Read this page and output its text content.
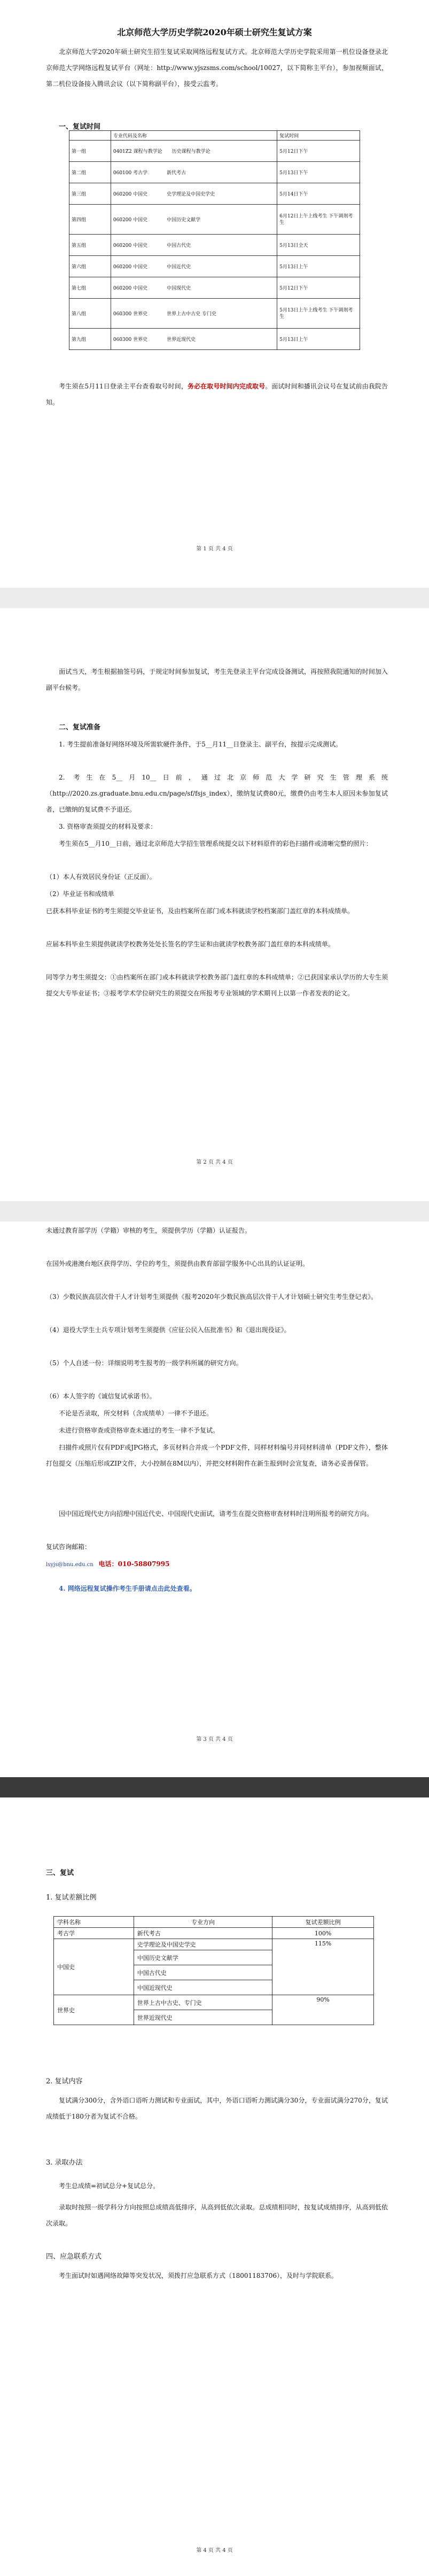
北京师范大学历史学院2020年硕士研究生复试方案
北京师范大学2020年硕士研究生招生复试采取网络远程复试方式。北京师范大学历史学院采用第一机位设备登录北京师范大学网络远程复试平台（网址：http://www.yjszsms.com/school/10027，以下简称主平台），参加视频面试，第二机位设备接入腾讯会议（以下简称副平台），接受云监考。
一、复试时间
	专业代码及名称	复试时间
第一组	0401Z2 课程与教学论　　历史课程与教学论	5月12日下午
第二组	060100 考古学　　　　新代考古	5月13日下午
第三组	060200 中国史　　　　史学理论及中国史学史	5月14日下午
第四组	060200 中国史　　　　中国历史文献学	6月12日上午上线考生 下午调剂考生
第五组	060200 中国史　　　　中国古代史	5月13日全天
第六组	060200 中国史　　　　中国近代史	5月13日上午
第七组	060200 中国史　　　　中国现代史	5月12日下午
第八组	060300 世界史　　　　世界上古中古史 专门史	5月13日上午上线考生 下午调剂考生
第九组	060300 世界史　　　　世界近现代史	5月13日上午
考生须在5月11日登录主平台查看取号时间，务必在取号时间内完成取号。面试时间和播讯会议号在复试前由我院告知。
第 1 页 共 4 页
面试当天，考生根据抽签号码，于规定时间参加复试，考生先登录主平台完成设备测试，再按照我院通知的时间加入副平台候考。
二、复试准备
1. 考生提前准备好网络环境及所需软硬件条件，于5__月11__日登录主、副平台，按提示完成测试。
2. 考生在5__月10__日前，通过北京师范大学研究生管理系统（http://2020.zs.graduate.bnu.edu.cn/page/sf/fsjs_index），缴纳复试费80元，缴费仍由考生本人原因未参加复试者，已缴纳的复试费不予退还。
3. 资格审查须提交的材料及要求：
考生须在5__月10__日前，通过北京师范大学招生管理系统提交以下材料原件的彩色扫描件或清晰完整的照片：
（1）本人有效居民身份证（正反面）。
（2）毕业证书和成绩单
已获本科毕业证书的考生须提交毕业证书，及由档案所在部门或本科就读学校档案部门盖红章的本科成绩单。
应届本科毕业生须提供就读学校教务处处长签名的学生证和由就读学校教务部门盖红章的本科成绩单。
同等学力考生须提交：①由档案所在部门或本科就读学校教务部门盖红章的本科成绩单；②已获国家承认学历的大专生须提交大专毕业证书；③报考学术学位研究生的须提交在所报考专业领域的学术期刊上以第一作者发表的论文。
第 2 页 共 4 页
未通过教育部学历（学籍）审核的考生，须提供学历（学籍）认证报告。
在国外或港澳台地区获得学历、学位的考生，须提供由教育部留学服务中心出具的认证证明。
（3）少数民族高层次骨干人才计划考生须提供《报考2020年少数民族高层次骨干人才计划硕士研究生考生登记表》。
（4）退役大学生士兵专项计划考生须提供《应征公民入伍批准书》和《退出现役证》。
（5）个人自述一份：详细说明考生报考的一级学科所属的研究方向。
（6）本人签字的《诚信复试承诺书》。
不论是否录取，所交材料（含成绩单）一律不予退还。
未进行资格审查或资格审查未通过的考生一律不予复试。
扫描件或照片仅有PDF或JPG格式，多页材料合并成一个PDF文件，同样材料编号并同材料清单（PDF文件），整体打包提交（压缩后形成ZIP文件，大小控制在8M以内），并把交材料附件在新生报到时会宣复查，请务必妥善保管。
因中国近现代史方向招理中国近代史、中国现代史面试，请考生在提交资格审查材料时注明所报考的研究方向。
复试咨询邮箱：
lsyjs@bnu.edu.cn　 电话：010-58807995
4. 网络远程复试操作考生手册请点击此处查看。
第 3 页 共 4 页
三、复试
1. 复试差额比例
学科名称	专业方向	复试差额比例
考古学	新代考古	100%
中国史	史学理论及中国史学史	115%
	中国历史文献学	
	中国古代史	
	中国近现代史	
世界史	世界上古中古史、专门史	90%
	世界近现代史	
2. 复试内容
复试满分300分，含外语口语听力测试和专业面试，其中，外语口语听力测试满分30分，专业面试满分270分，复试成绩低于180分者为复试不合格。
3. 录取办法
考生总成绩=初试总分+复试总分。
录取时按照一级学科分方向按照总成绩高低排序，从高到低依次录取。总成绩相同时，按复试成绩排序，从高到低依次录取。
四、应急联系方式
考生面试时如遇网络故障等突发状况，须拨打应急联系方式（18001183706），及时与学院联系。
第 4 页 共 4 页
